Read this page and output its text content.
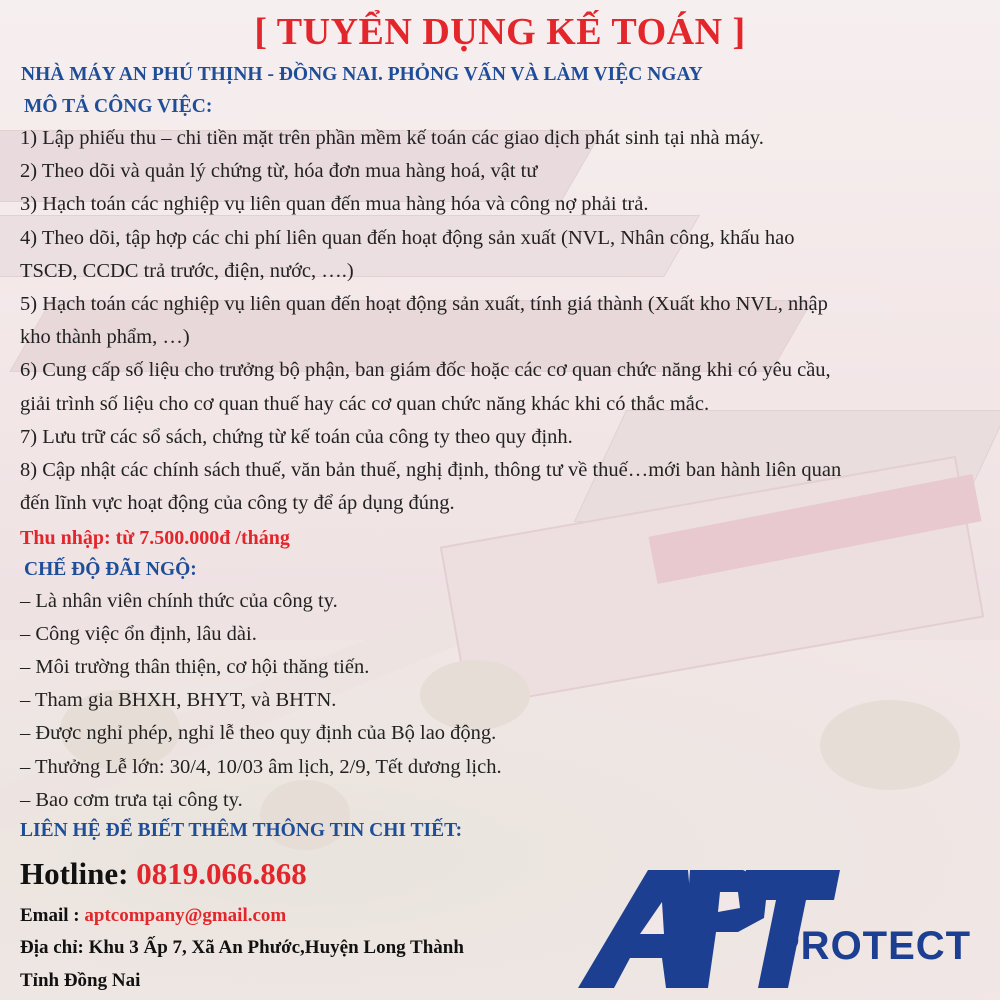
[ TUYỂN DỤNG KẾ TOÁN ]
NHÀ MÁY AN PHÚ THỊNH - ĐỒNG NAI. PHỎNG VẤN VÀ LÀM VIỆC NGAY
MÔ TẢ CÔNG VIỆC:
1) Lập phiếu thu – chi tiền mặt trên phần mềm kế toán các giao dịch phát sinh tại nhà máy.
2) Theo dõi và quản lý chứng từ, hóa đơn mua hàng hoá, vật tư
3) Hạch toán các nghiệp vụ liên quan đến mua hàng hóa và công nợ phải trả.
4) Theo dõi, tập hợp các chi phí liên quan đến hoạt động sản xuất (NVL, Nhân công, khấu hao
TSCĐ, CCDC trả trước, điện, nước, ….)
5) Hạch toán các nghiệp vụ liên quan đến hoạt động sản xuất, tính giá thành (Xuất kho NVL, nhập
kho thành phẩm, …)
6) Cung cấp số liệu cho trưởng bộ phận, ban giám đốc hoặc các cơ quan chức năng khi có yêu cầu,
giải trình số liệu cho cơ quan thuế hay các cơ quan chức năng khác khi có thắc mắc.
7) Lưu trữ các sổ sách, chứng từ kế toán của công ty theo quy định.
8) Cập nhật các chính sách thuế, văn bản thuế, nghị định, thông tư về thuế…mới ban hành liên quan
đến lĩnh vực hoạt động của công ty để áp dụng đúng.
Thu nhập: từ 7.500.000đ /tháng
CHẾ ĐỘ ĐÃI NGỘ:
– Là nhân viên chính thức của công ty.
– Công việc ổn định, lâu dài.
– Môi trường thân thiện, cơ hội thăng tiến.
– Tham gia BHXH, BHYT, và BHTN.
– Được nghỉ phép, nghỉ lễ theo quy định của Bộ lao động.
– Thưởng Lễ lớn: 30/4, 10/03 âm lịch, 2/9, Tết dương lịch.
– Bao cơm trưa tại công ty.
LIÊN HỆ ĐỂ BIẾT THÊM THÔNG TIN CHI TIẾT:
Hotline: 0819.066.868
Email : aptcompany@gmail.com
Địa chỉ: Khu 3 Ấp 7, Xã An Phước,Huyện Long Thành
Tỉnh Đồng Nai
PROTECT
